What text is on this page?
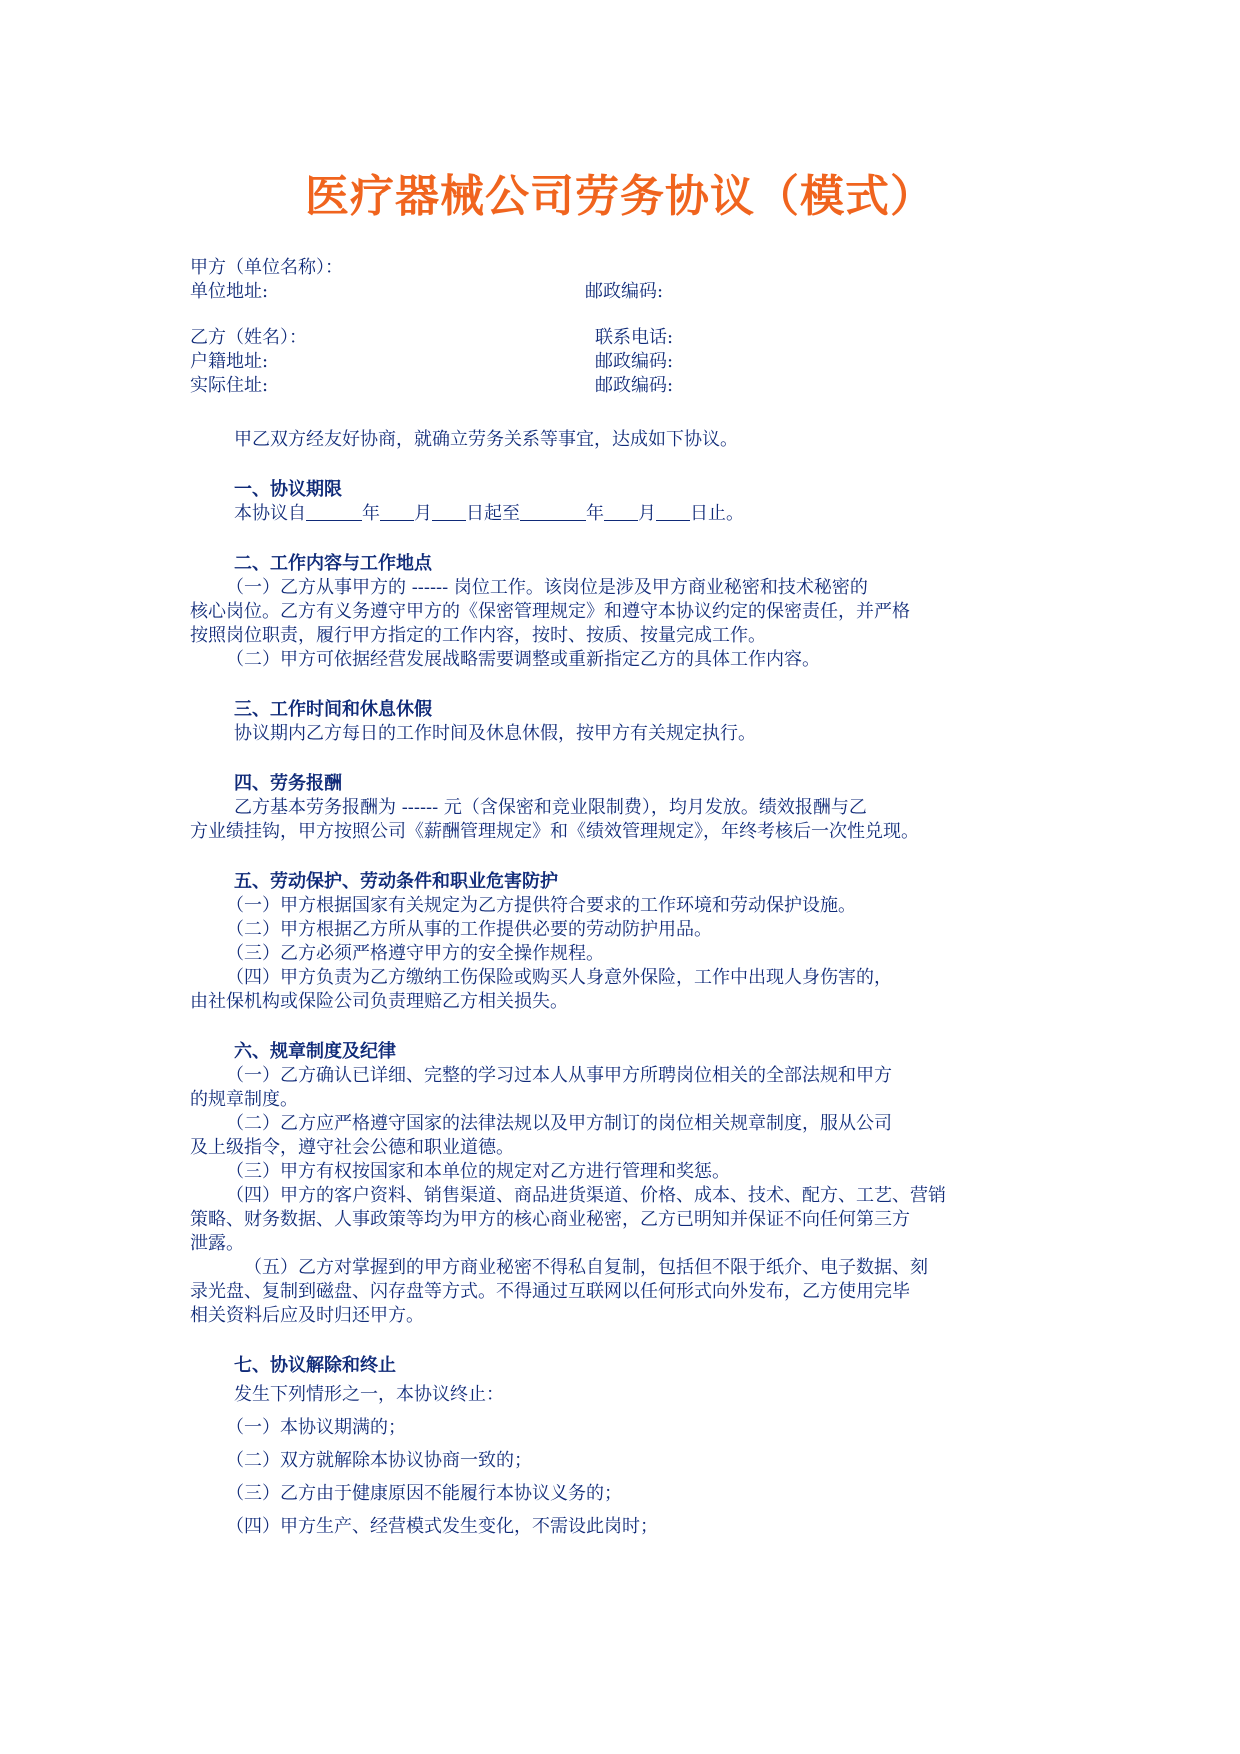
医疗器械公司劳务协议（模式）
甲方（单位名称）：
单位地址:	邮政编码:
乙方（姓名）：	联系电话:
户籍地址:	邮政编码:
实际住址:	邮政编码:
甲乙双方经友好协商，就确立劳务关系等事宜，达成如下协议。
一、协议期限
本协议自	年 月 日起至	年 月 日止。
二、工作内容与工作地点
（一）乙方从事甲方的 ------ 岗位工作。该岗位是涉及甲方商业秘密和技术秘密的
核心岗位。乙方有义务遵守甲方的《保密管理规定》和遵守本协议约定的保密责任，并严格
按照岗位职责，履行甲方指定的工作内容，按时、按质、按量完成工作。
（二）甲方可依据经营发展战略需要调整或重新指定乙方的具体工作内容。
三、工作时间和休息休假
协议期内乙方每日的工作时间及休息休假，按甲方有关规定执行。
四、劳务报酬
乙方基本劳务报酬为 ------ 元（含保密和竞业限制费），均月发放。绩效报酬与乙
方业绩挂钩，甲方按照公司《薪酬管理规定》和《绩效管理规定》，年终考核后一次性兑现。
五、劳动保护、劳动条件和职业危害防护
（一）甲方根据国家有关规定为乙方提供符合要求的工作环境和劳动保护设施。
（二）甲方根据乙方所从事的工作提供必要的劳动防护用品。
（三）乙方必须严格遵守甲方的安全操作规程。
（四）甲方负责为乙方缴纳工伤保险或购买人身意外保险，工作中出现人身伤害的，
由社保机构或保险公司负责理赔乙方相关损失。
六、规章制度及纪律
（一）乙方确认已详细、完整的学习过本人从事甲方所聘岗位相关的全部法规和甲方
的规章制度。
（二）乙方应严格遵守国家的法律法规以及甲方制订的岗位相关规章制度，服从公司
及上级指令，遵守社会公德和职业道德。
（三）甲方有权按国家和本单位的规定对乙方进行管理和奖惩。
（四）甲方的客户资料、销售渠道、商品进货渠道、价格、成本、技术、配方、工艺、营销
策略、财务数据、人事政策等均为甲方的核心商业秘密，乙方已明知并保证不向任何第三方
泄露。
（五）乙方对掌握到的甲方商业秘密不得私自复制，包括但不限于纸介、电子数据、刻
录光盘、复制到磁盘、闪存盘等方式。不得通过互联网以任何形式向外发布，乙方使用完毕
相关资料后应及时归还甲方。
七、协议解除和终止
发生下列情形之一，本协议终止：
（一）本协议期满的；
（二）双方就解除本协议协商一致的；
（三）乙方由于健康原因不能履行本协议义务的；
（四）甲方生产、经营模式发生变化，不需设此岗时；
